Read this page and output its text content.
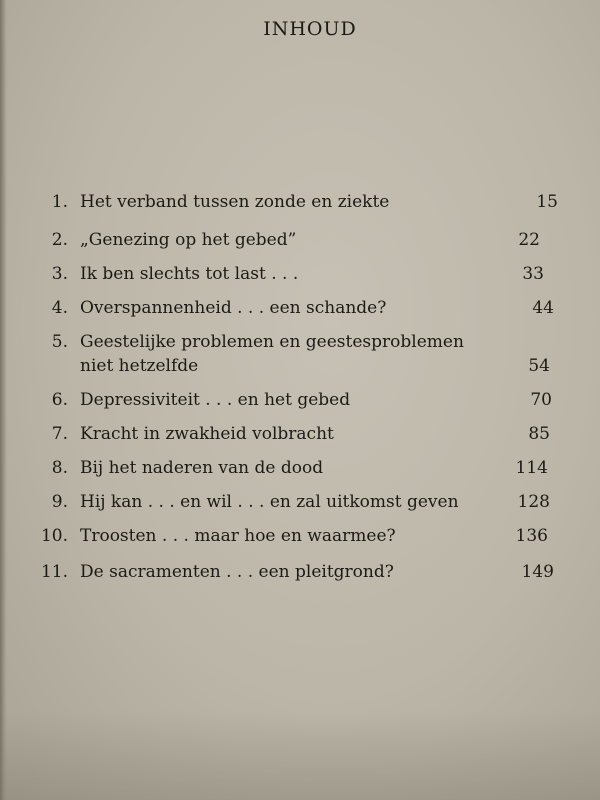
INHOUD
1. Het verband tussen zonde en ziekte	15
2. „Genezing op het gebed”	22
3. Ik ben slechts tot last . . .	33
4. Overspannenheid . . . een schande?	44
5. Geestelijke problemen en geestesproblemen
niet hetzelfde	54
6. Depressiviteit . . . en het gebed	70
7. Kracht in zwakheid volbracht	85
8. Bij het naderen van de dood	114
9. Hij kan . . . en wil . . . en zal uitkomst geven	128
10. Troosten . . . maar hoe en waarmee?	136
11. De sacramenten . . . een pleitgrond?	149
